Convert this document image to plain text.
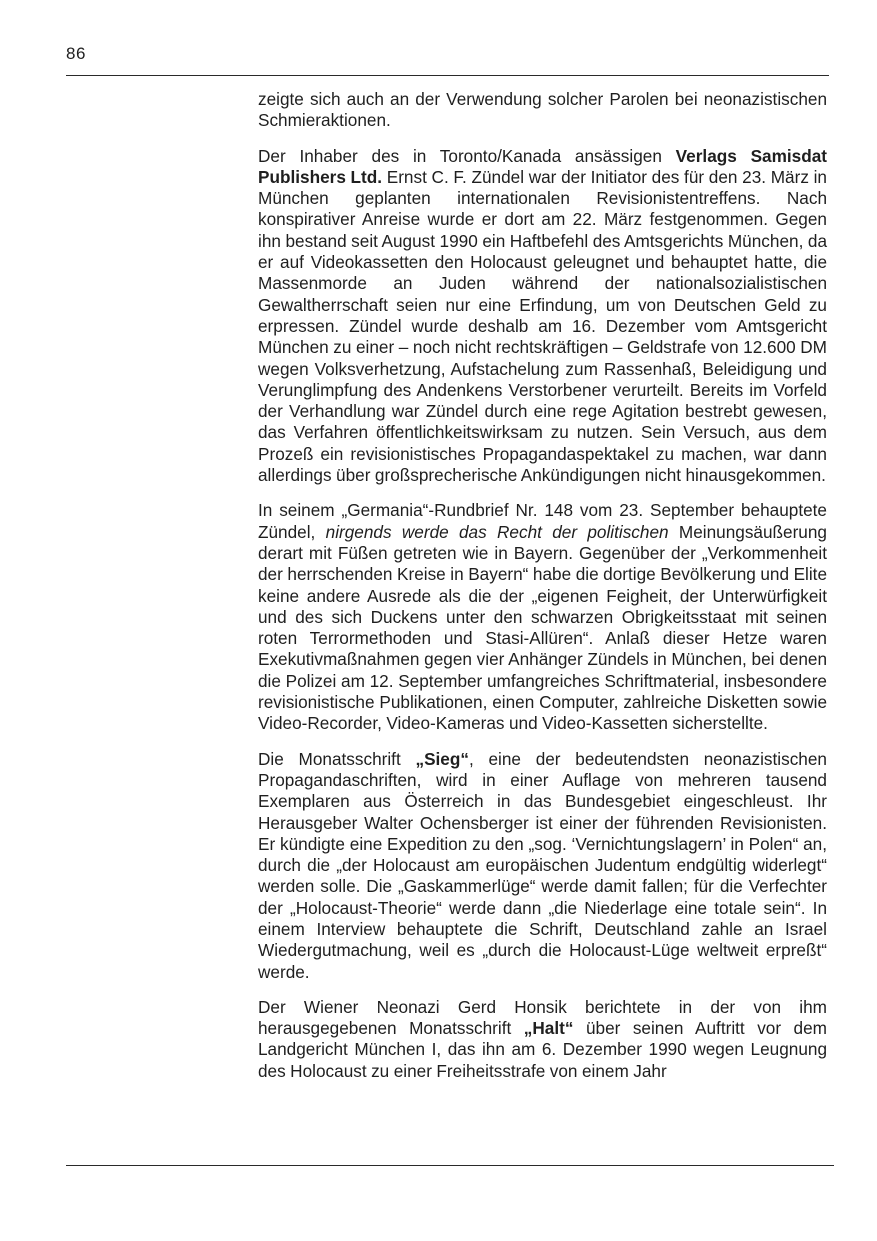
86

zeigte sich auch an der Verwendung solcher Parolen bei neonazistischen Schmieraktionen.

Der Inhaber des in Toronto/Kanada ansässigen Verlags Samisdat Publishers Ltd. Ernst C. F. Zündel war der Initiator des für den 23. März in München geplanten internationalen Revisionistentreffens. Nach konspirativer Anreise wurde er dort am 22. März festgenommen. Gegen ihn bestand seit August 1990 ein Haftbefehl des Amtsgerichts München, da er auf Videokassetten den Holocaust geleugnet und behauptet hatte, die Massenmorde an Juden während der nationalsozialistischen Gewaltherrschaft seien nur eine Erfindung, um von Deutschen Geld zu erpressen. Zündel wurde deshalb am 16. Dezember vom Amtsgericht München zu einer – noch nicht rechtskräftigen – Geldstrafe von 12.600 DM wegen Volksverhetzung, Aufstachelung zum Rassenhaß, Beleidigung und Verunglimpfung des Andenkens Verstorbener verurteilt. Bereits im Vorfeld der Verhandlung war Zündel durch eine rege Agitation bestrebt gewesen, das Verfahren öffentlichkeitswirksam zu nutzen. Sein Versuch, aus dem Prozeß ein revisionistisches Propagandaspektakel zu machen, war dann allerdings über großsprecherische Ankündigungen nicht hinausgekommen.

In seinem „Germania“-Rundbrief Nr. 148 vom 23. September behauptete Zündel, nirgends werde das Recht der politischen Meinungsäußerung derart mit Füßen getreten wie in Bayern. Gegenüber der „Verkommenheit der herrschenden Kreise in Bayern“ habe die dortige Bevölkerung und Elite keine andere Ausrede als die der „eigenen Feigheit, der Unterwürfigkeit und des sich Duckens unter den schwarzen Obrigkeitsstaat mit seinen roten Terrormethoden und Stasi-Allüren“. Anlaß dieser Hetze waren Exekutivmaßnahmen gegen vier Anhänger Zündels in München, bei denen die Polizei am 12. September umfangreiches Schriftmaterial, insbesondere revisionistische Publikationen, einen Computer, zahlreiche Disketten sowie Video-Recorder, Video-Kameras und Video-Kassetten sicherstellte.

Die Monatsschrift „Sieg“, eine der bedeutendsten neonazistischen Propagandaschriften, wird in einer Auflage von mehreren tausend Exemplaren aus Österreich in das Bundesgebiet eingeschleust. Ihr Herausgeber Walter Ochensberger ist einer der führenden Revisionisten. Er kündigte eine Expedition zu den „sog. ‘Vernichtungslagern’ in Polen“ an, durch die „der Holocaust am europäischen Judentum endgültig widerlegt“ werden solle. Die „Gaskammerlüge“ werde damit fallen; für die Verfechter der „Holocaust-Theorie“ werde dann „die Niederlage eine totale sein“. In einem Interview behauptete die Schrift, Deutschland zahle an Israel Wiedergutmachung, weil es „durch die Holocaust-Lüge weltweit erpreßt“ werde.

Der Wiener Neonazi Gerd Honsik berichtete in der von ihm herausgegebenen Monatsschrift „Halt“ über seinen Auftritt vor dem Landgericht München I, das ihn am 6. Dezember 1990 wegen Leugnung des Holocaust zu einer Freiheitsstrafe von einem Jahr
